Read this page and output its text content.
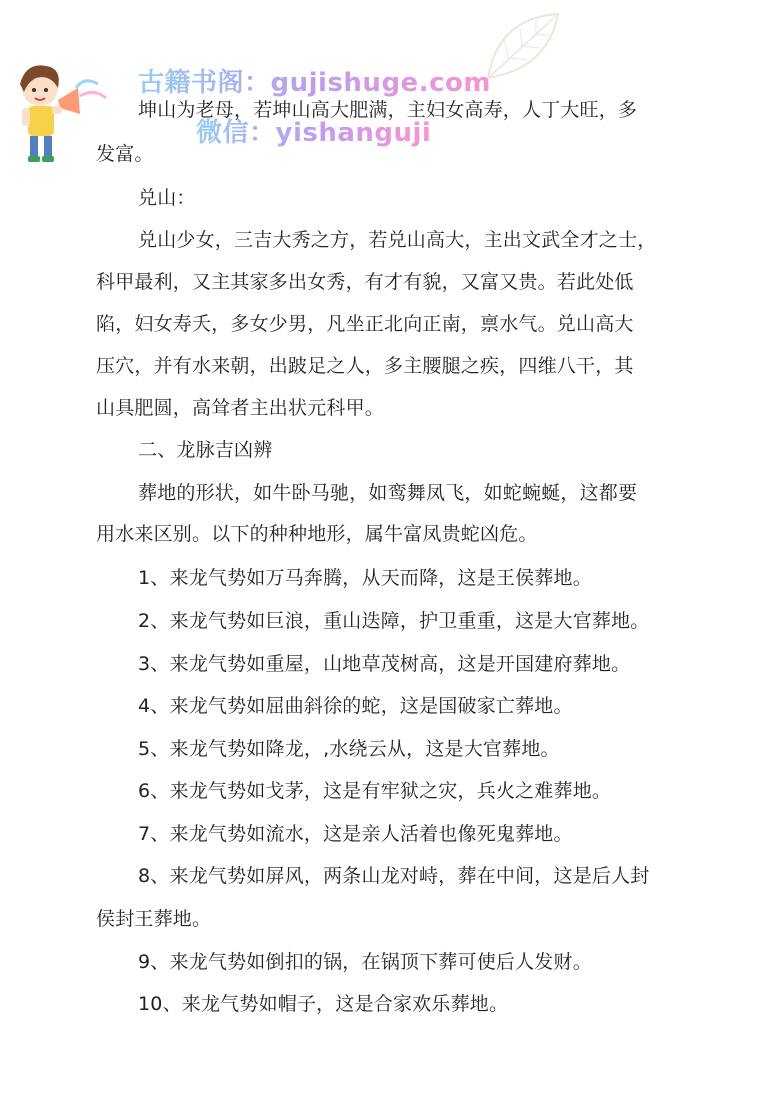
古籍书阁：gujishuge.com
微信：yishanguji
坤山为老母，若坤山高大肥满，主妇女高寿，人丁大旺，多
发富。
兑山：
兑山少女，三吉大秀之方，若兑山高大，主出文武全才之士，
科甲最利，又主其家多出女秀，有才有貌，又富又贵。若此处低
陷，妇女寿夭，多女少男，凡坐正北向正南，禀水气。兑山高大
压穴，并有水来朝，出跛足之人，多主腰腿之疾，四维八干，其
山具肥圆，高耸者主出状元科甲。
二、龙脉吉凶辨
葬地的形状，如牛卧马驰，如鸾舞凤飞，如蛇蜿蜒，这都要
用水来区别。以下的种种地形，属牛富凤贵蛇凶危。
1、来龙气势如万马奔腾，从天而降，这是王侯葬地。
2、来龙气势如巨浪，重山迭障，护卫重重，这是大官葬地。
3、来龙气势如重屋，山地草茂树高，这是开国建府葬地。
4、来龙气势如屈曲斜徐的蛇，这是国破家亡葬地。
5、来龙气势如降龙，,水绕云从，这是大官葬地。
6、来龙气势如戈茅，这是有牢狱之灾，兵火之难葬地。
7、来龙气势如流水，这是亲人活着也像死鬼葬地。
8、来龙气势如屏风，两条山龙对峙，葬在中间，这是后人封
侯封王葬地。
9、来龙气势如倒扣的锅，在锅顶下葬可使后人发财。
10、来龙气势如帽子，这是合家欢乐葬地。
